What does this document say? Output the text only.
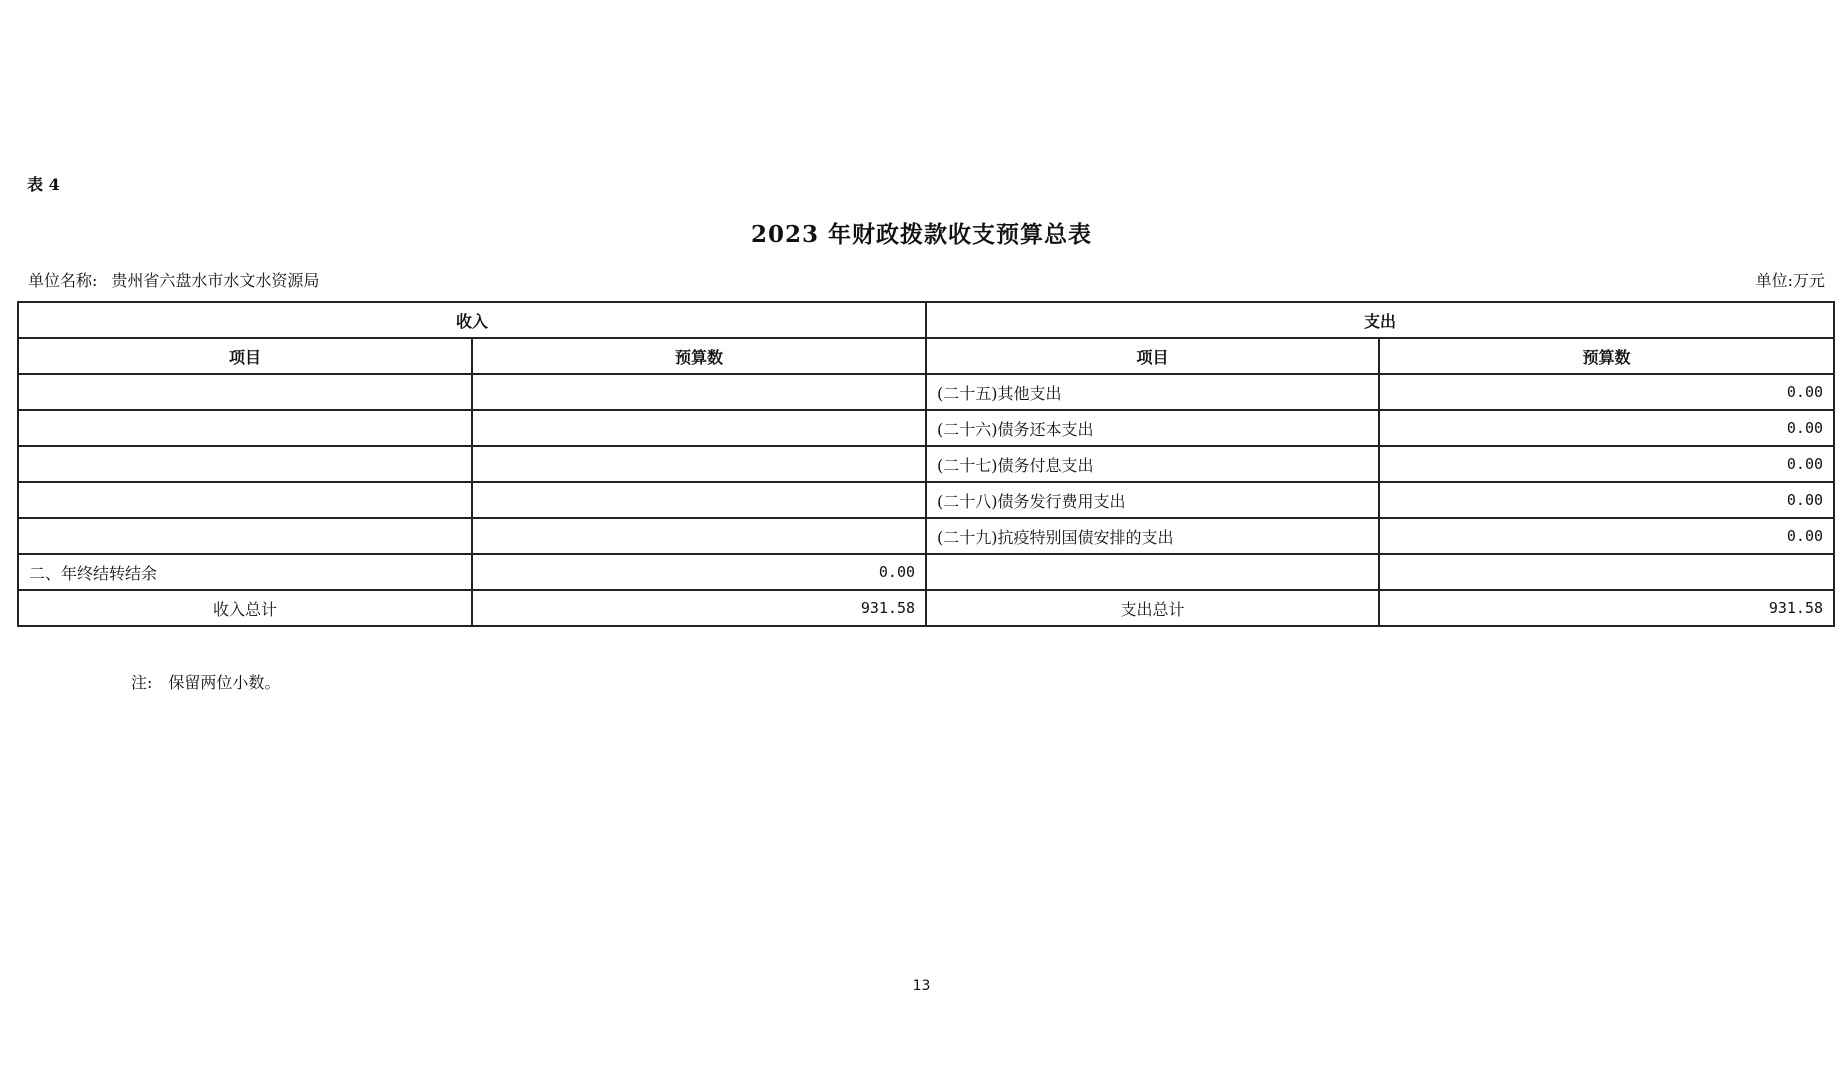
表 4
2023 年财政拨款收支预算总表
单位名称: 贵州省六盘水市水文水资源局	单位:万元
收入		支出	
项目	预算数	项目	预算数
		(二十五)其他支出	0.00
		(二十六)债务还本支出	0.00
		(二十七)债务付息支出	0.00
		(二十八)债务发行费用支出	0.00
		(二十九)抗疫特别国债安排的支出	0.00
二、年终结转结余	0.00		
收入总计	931.58	支出总计	931.58
注: 保留两位小数。
13
